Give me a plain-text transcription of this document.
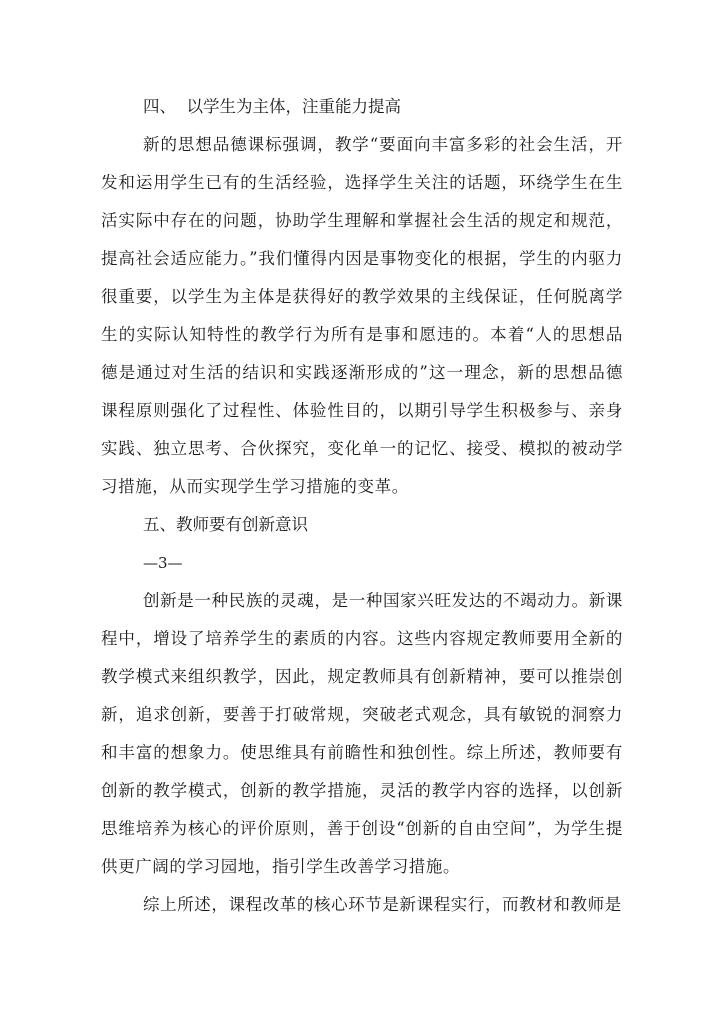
四、  以学生为主体，注重能力提高

新的思想品德课标强调，教学“要面向丰富多彩的社会生活，开发和运用学生已有的生活经验，选择学生关注的话题，环绕学生在生活实际中存在的问题，协助学生理解和掌握社会生活的规定和规范，提高社会适应能力。”我们懂得内因是事物变化的根据，学生的内驱力很重要，以学生为主体是获得好的教学效果的主线保证，任何脱离学生的实际认知特性的教学行为所有是事和愿违的。本着“人的思想品德是通过对生活的结识和实践逐渐形成的”这一理念，新的思想品德课程原则强化了过程性、体验性目的，以期引导学生积极参与、亲身实践、独立思考、合伙探究，变化单一的记忆、接受、模拟的被动学习措施，从而实现学生学习措施的变革。

五、教师要有创新意识

—3—

创新是一种民族的灵魂，是一种国家兴旺发达的不竭动力。新课程中，增设了培养学生的素质的内容。这些内容规定教师要用全新的教学模式来组织教学，因此，规定教师具有创新精神，要可以推崇创新，追求创新，要善于打破常规，突破老式观念，具有敏锐的洞察力和丰富的想象力。使思维具有前瞻性和独创性。综上所述，教师要有创新的教学模式，创新的教学措施，灵活的教学内容的选择，以创新思维培养为核心的评价原则，善于创设“创新的自由空间”，为学生提供更广阔的学习园地，指引学生改善学习措施。

综上所述，课程改革的核心环节是新课程实行，而教材和教师是
